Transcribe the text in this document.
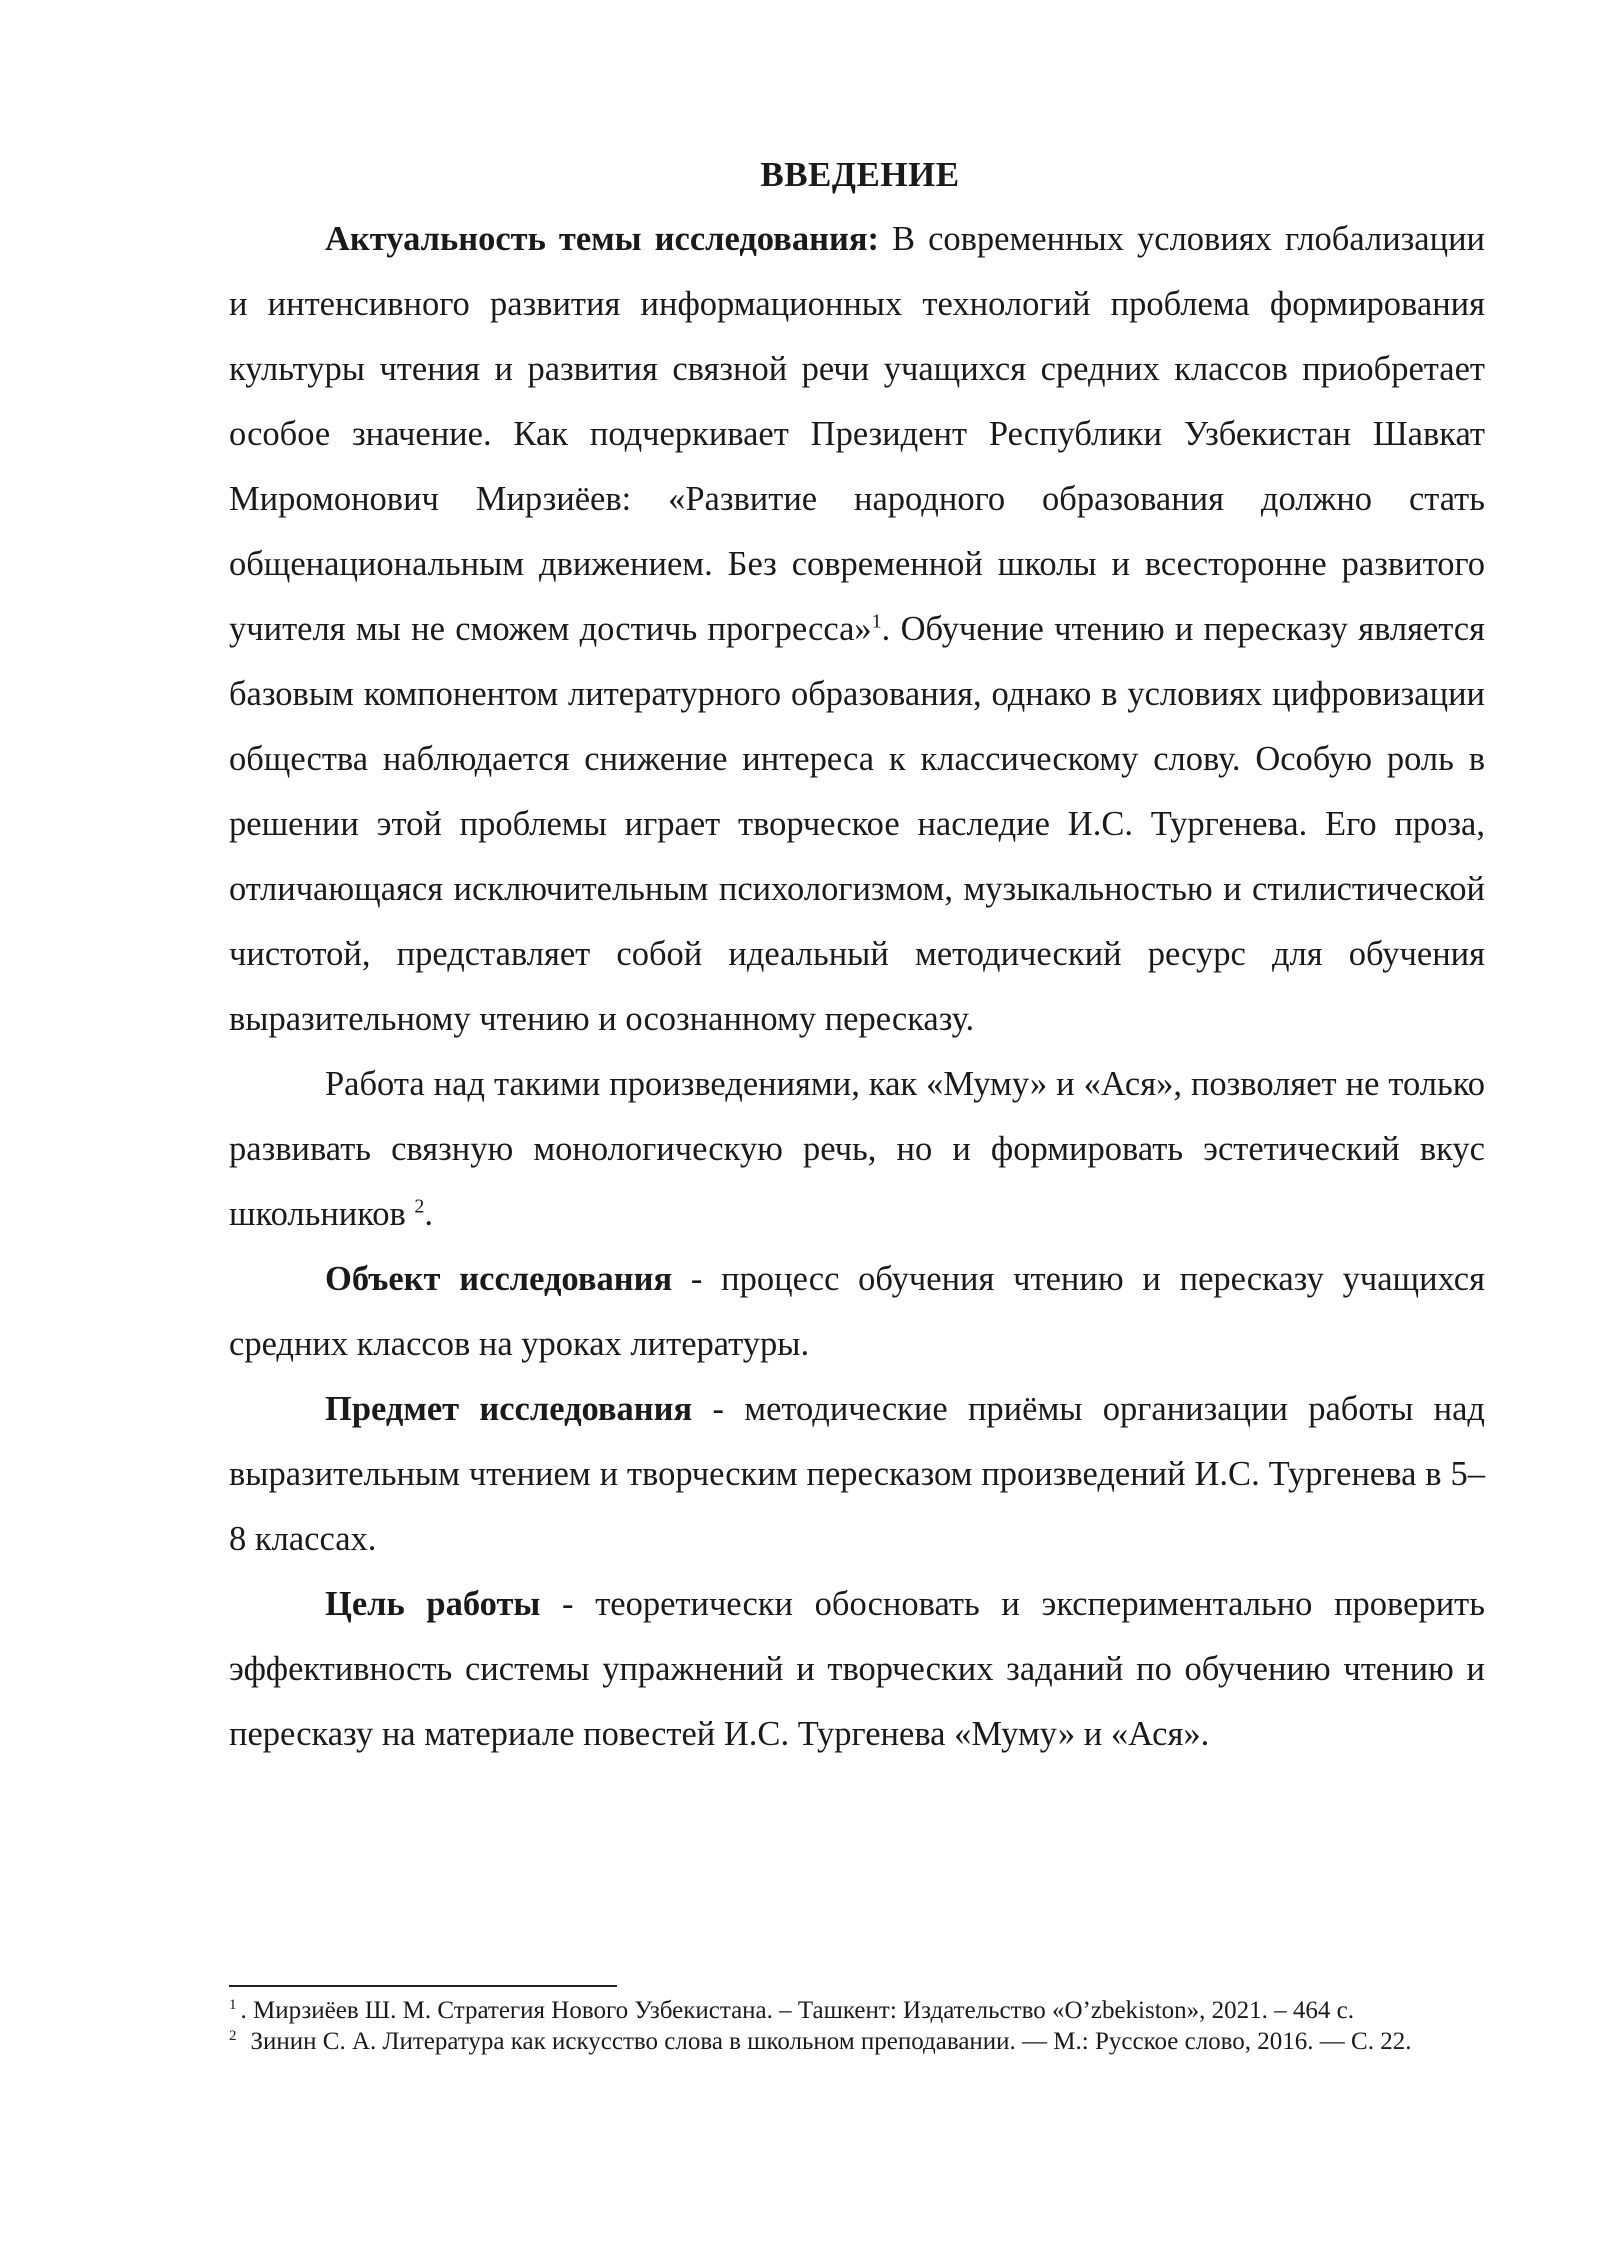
ВВЕДЕНИЕ

Актуальность темы исследования: В современных условиях глобализации и интенсивного развития информационных технологий проблема формирования культуры чтения и развития связной речи учащихся средних классов приобретает особое значение. Как подчеркивает Президент Республики Узбекистан Шавкат Миромонович Мирзиёев: «Развитие народного образования должно стать общенациональным движением. Без современной школы и всесторонне развитого учителя мы не сможем достичь прогресса»$^1$. Обучение чтению и пересказу является базовым компонентом литературного образования, однако в условиях цифровизации общества наблюдается снижение интереса к классическому слову. Особую роль в решении этой проблемы играет творческое наследие И.С. Тургенева. Его проза, отличающаяся исключительным психологизмом, музыкальностью и стилистической чистотой, представляет собой идеальный методический ресурс для обучения выразительному чтению и осознанному пересказу.

Работа над такими произведениями, как «Муму» и «Ася», позволяет не только развивать связную монологическую речь, но и формировать эстетический вкус школьников $^2$.

Объект исследования - процесс обучения чтению и пересказу учащихся средних классов на уроках литературы.

Предмет исследования - методические приёмы организации работы над выразительным чтением и творческим пересказом произведений И.С. Тургенева в 5–8 классах.

Цель работы - теоретически обосновать и экспериментально проверить эффективность системы упражнений и творческих заданий по обучению чтению и пересказу на материале повестей И.С. Тургенева «Муму» и «Ася».

$^1$ . Мирзиёев Ш. М. Стратегия Нового Узбекистана. – Ташкент: Издательство «O’zbekiston», 2021. – 464 с.

$^2$ Зинин С. А. Литература как искусство слова в школьном преподавании. — М.: Русское слово, 2016. — С. 22.
